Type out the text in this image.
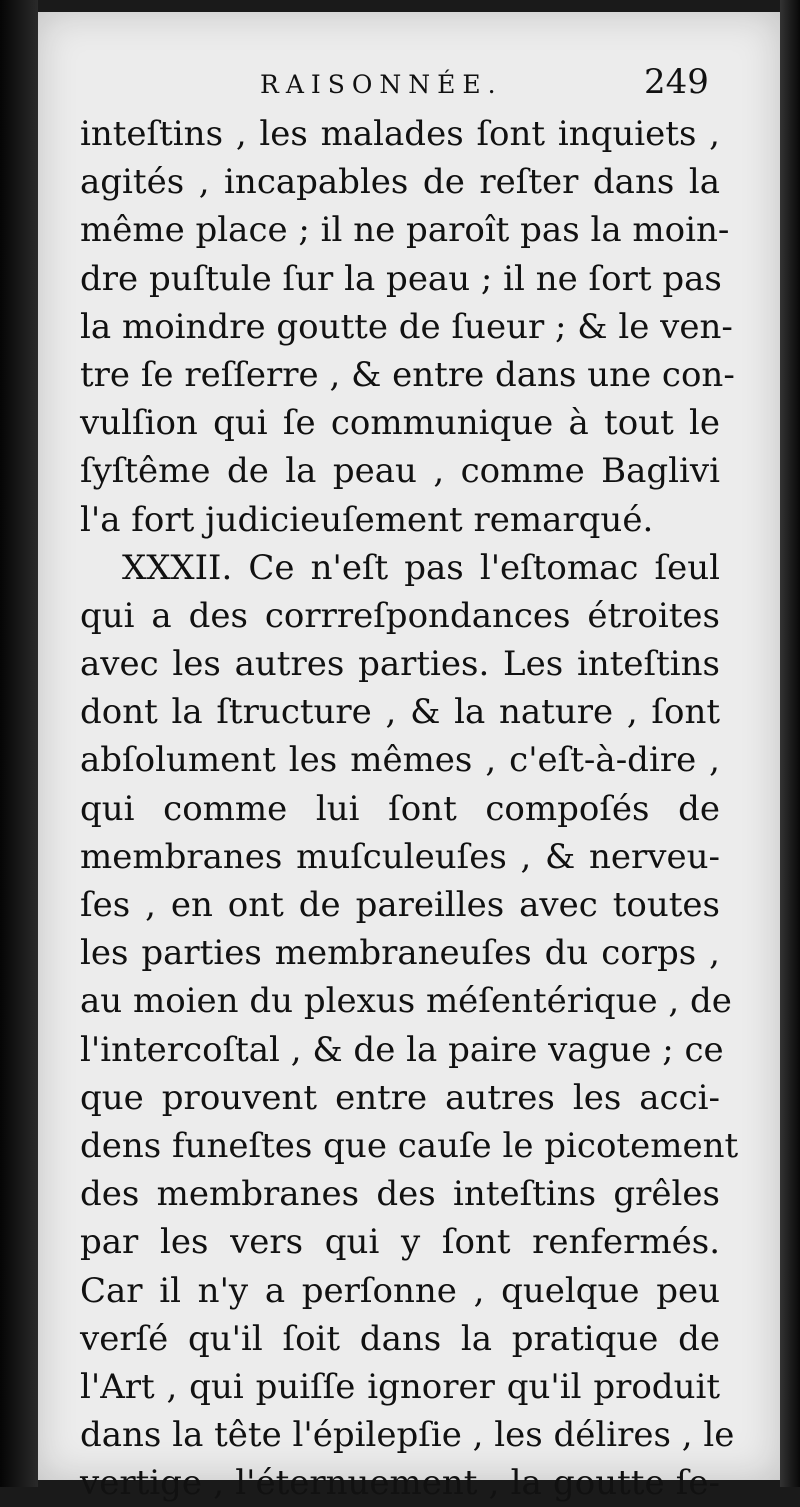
RAISONNÉE.	249
inteſtins , les malades ſont inquiets ,
agités , incapables de reſter dans la
même place ; il ne paroît pas la moin-
dre puſtule ſur la peau ; il ne ſort pas
la moindre goutte de ſueur ; & le ven-
tre ſe reſſerre , & entre dans une con-
vulſion qui ſe communique à tout le
ſyſtême de la peau , comme Baglivi
l'a fort judicieuſement remarqué.
XXXII. Ce n'eſt pas l'eſtomac ſeul
qui a des corrreſpondances étroites
avec les autres parties. Les inteſtins
dont la ſtructure , & la nature , ſont
abſolument les mêmes , c'eſt-à-dire ,
qui comme lui ſont compoſés de
membranes muſculeuſes , & nerveu-
ſes , en ont de pareilles avec toutes
les parties membraneuſes du corps ,
au moien du plexus méſentérique , de
l'intercoſtal , & de la paire vague ; ce
que prouvent entre autres les acci-
dens funeſtes que cauſe le picotement
des membranes des inteſtins grêles
par les vers qui y ſont renfermés.
Car il n'y a perſonne , quelque peu
verſé qu'il ſoit dans la pratique de
l'Art , qui puiſſe ignorer qu'il produit
dans la tête l'épilepſie , les délires , le
vertige , l'éternuement , la goutte ſe-
